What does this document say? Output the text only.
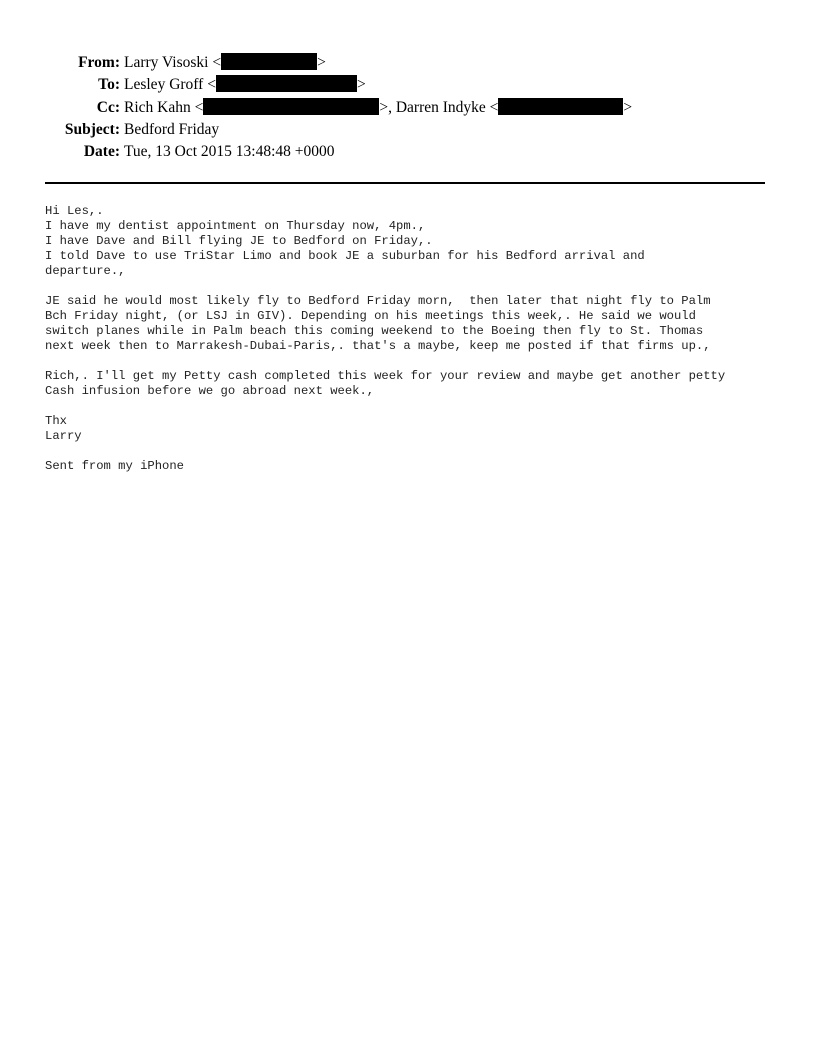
From: Larry Visoski <	>
To: Lesley Groff <	>
Cc: Rich Kahn <	>, Darren Indyke <	>
Subject: Bedford Friday
Date: Tue, 13 Oct 2015 13:48:48 +0000
Hi Les,.
I have my dentist appointment on Thursday now, 4pm.,
I have Dave and Bill flying JE to Bedford on Friday,.
I told Dave to use TriStar Limo and book JE a suburban for his Bedford arrival and
departure.,
JE said he would most likely fly to Bedford Friday morn,  then later that night fly to Palm
Bch Friday night, (or LSJ in GIV). Depending on his meetings this week,. He said we would
switch planes while in Palm beach this coming weekend to the Boeing then fly to St. Thomas
next week then to Marrakesh-Dubai-Paris,. that's a maybe, keep me posted if that firms up.,
Rich,. I'll get my Petty cash completed this week for your review and maybe get another petty
Cash infusion before we go abroad next week.,
Thx
Larry
Sent from my iPhone
